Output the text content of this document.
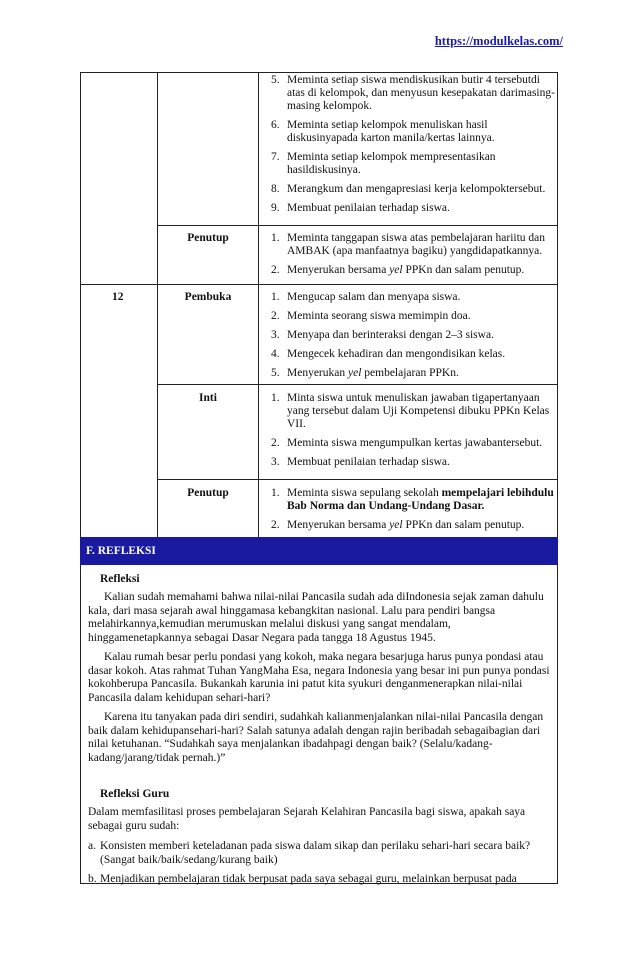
https://modulkelas.com/
5. Meminta setiap siswa mendiskusikan butir 4 tersebutdi atas di kelompok, dan menyusun kesepakatan darimasing-masing kelompok.
6. Meminta setiap kelompok menuliskan hasil diskusinyapada karton manila/kertas lainnya.
7. Meminta setiap kelompok mempresentasikan hasildiskusinya.
8. Merangkum dan mengapresiasi kerja kelompoktersebut.
9. Membuat penilaian terhadap siswa.
Penutup	1. Meminta tanggapan siswa atas pembelajaran hariitu dan AMBAK (apa manfaatnya bagiku) yangdidapatkannya.
2. Menyerukan bersama yel PPKn dan salam penutup.
12	Pembuka	1. Mengucap salam dan menyapa siswa.
2. Meminta seorang siswa memimpin doa.
3. Menyapa dan berinteraksi dengan 2–3 siswa.
4. Mengecek kehadiran dan mengondisikan kelas.
5. Menyerukan yel pembelajaran PPKn.
Inti	1. Minta siswa untuk menuliskan jawaban tigapertanyaan yang tersebut dalam Uji Kompetensi dibuku PPKn Kelas VII.
2. Meminta siswa mengumpulkan kertas jawabantersebut.
3. Membuat penilaian terhadap siswa.
Penutup	1. Meminta siswa sepulang sekolah mempelajari lebihdulu Bab Norma dan Undang-Undang Dasar.
2. Menyerukan bersama yel PPKn dan salam penutup.
F. REFLEKSI
Refleksi

Kalian sudah memahami bahwa nilai-nilai Pancasila sudah ada diIndonesia sejak zaman dahulu kala, dari masa sejarah awal hinggamasa kebangkitan nasional. Lalu para pendiri bangsa melahirkannya,kemudian merumuskan melalui diskusi yang sangat mendalam, hinggamenetapkannya sebagai Dasar Negara pada tangga 18 Agustus 1945.

Kalau rumah besar perlu pondasi yang kokoh, maka negara besarjuga harus punya pondasi atau dasar kokoh. Atas rahmat Tuhan YangMaha Esa, negara Indonesia yang besar ini pun punya pondasi kokohberupa Pancasila. Bukankah karunia ini patut kita syukuri denganmenerapkan nilai-nilai Pancasila dalam kehidupan sehari-hari?

Karena itu tanyakan pada diri sendiri, sudahkah kalianmenjalankan nilai-nilai Pancasila dengan baik dalam kehidupansehari-hari? Salah satunya adalah dengan rajin beribadah sebagaibagian dari nilai ketuhanan. “Sudahkah saya menjalankan ibadahpagi dengan baik? (Selalu/kadang-kadang/jarang/tidak pernah.)”

Refleksi Guru
Dalam memfasilitasi proses pembelajaran Sejarah Kelahiran Pancasila bagi siswa, apakah saya sebagai guru sudah:
a. Konsisten memberi keteladanan pada siswa dalam sikap dan perilaku sehari-hari secara baik? (Sangat baik/baik/sedang/kurang baik)
b. Menjadikan pembelajaran tidak berpusat pada saya sebagai guru, melainkan berpusat pada
